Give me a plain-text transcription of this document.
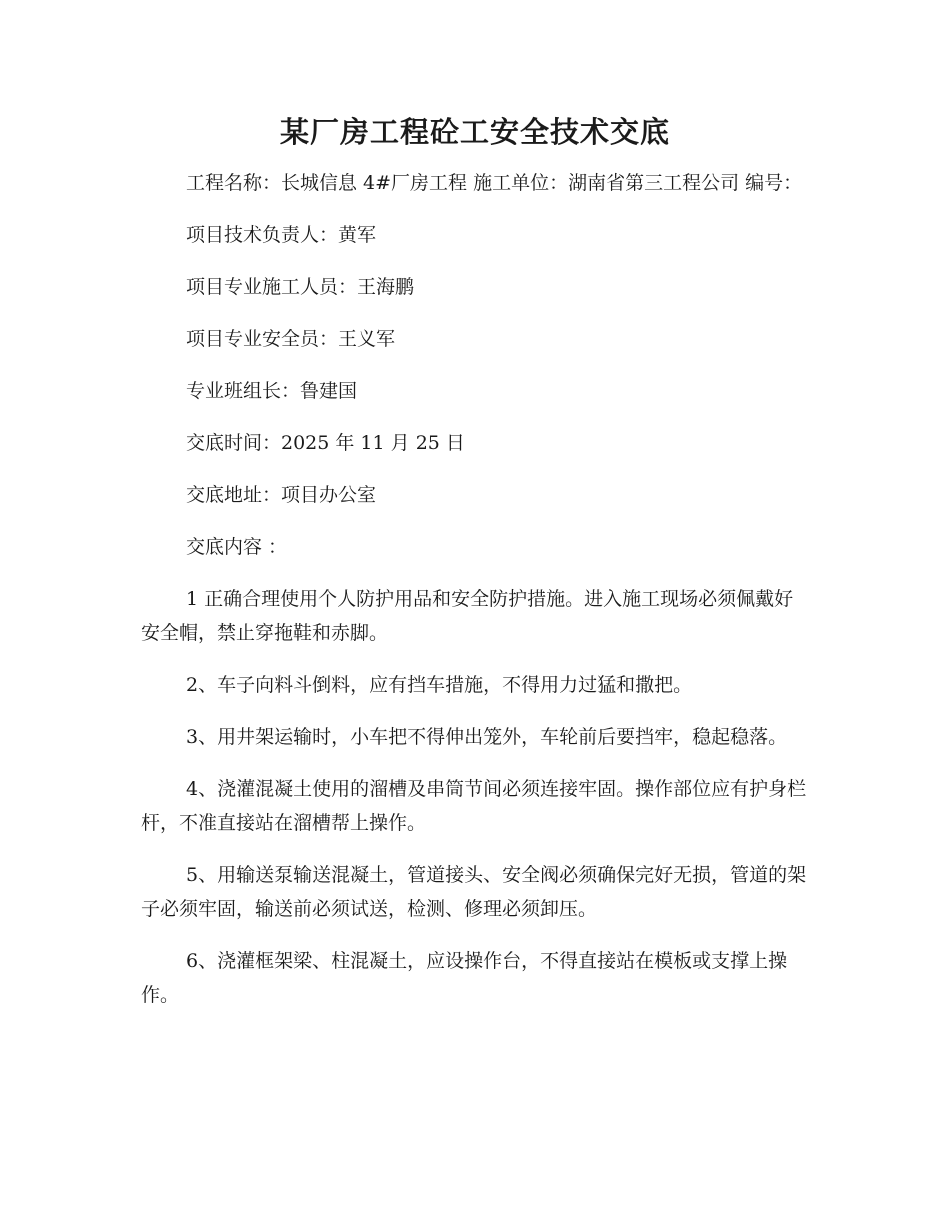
某厂房工程砼工安全技术交底

工程名称：长城信息 4#厂房工程 施工单位：湖南省第三工程公司 编号：

项目技术负责人：黄军

项目专业施工人员：王海鹏

项目专业安全员：王义军

专业班组长：鲁建国

交底时间：2025 年 11 月 25 日

交底地址：项目办公室

交底内容 ：

1 正确合理使用个人防护用品和安全防护措施。进入施工现场必须佩戴好安全帽，禁止穿拖鞋和赤脚。

2、车子向料斗倒料，应有挡车措施，不得用力过猛和撒把。

3、用井架运输时，小车把不得伸出笼外，车轮前后要挡牢，稳起稳落。

4、浇灌混凝土使用的溜槽及串筒节间必须连接牢固。操作部位应有护身栏杆，不准直接站在溜槽帮上操作。

5、用输送泵输送混凝土，管道接头、安全阀必须确保完好无损，管道的架子必须牢固，输送前必须试送，检测、修理必须卸压。

6、浇灌框架梁、柱混凝土，应设操作台，不得直接站在模板或支撑上操作。
